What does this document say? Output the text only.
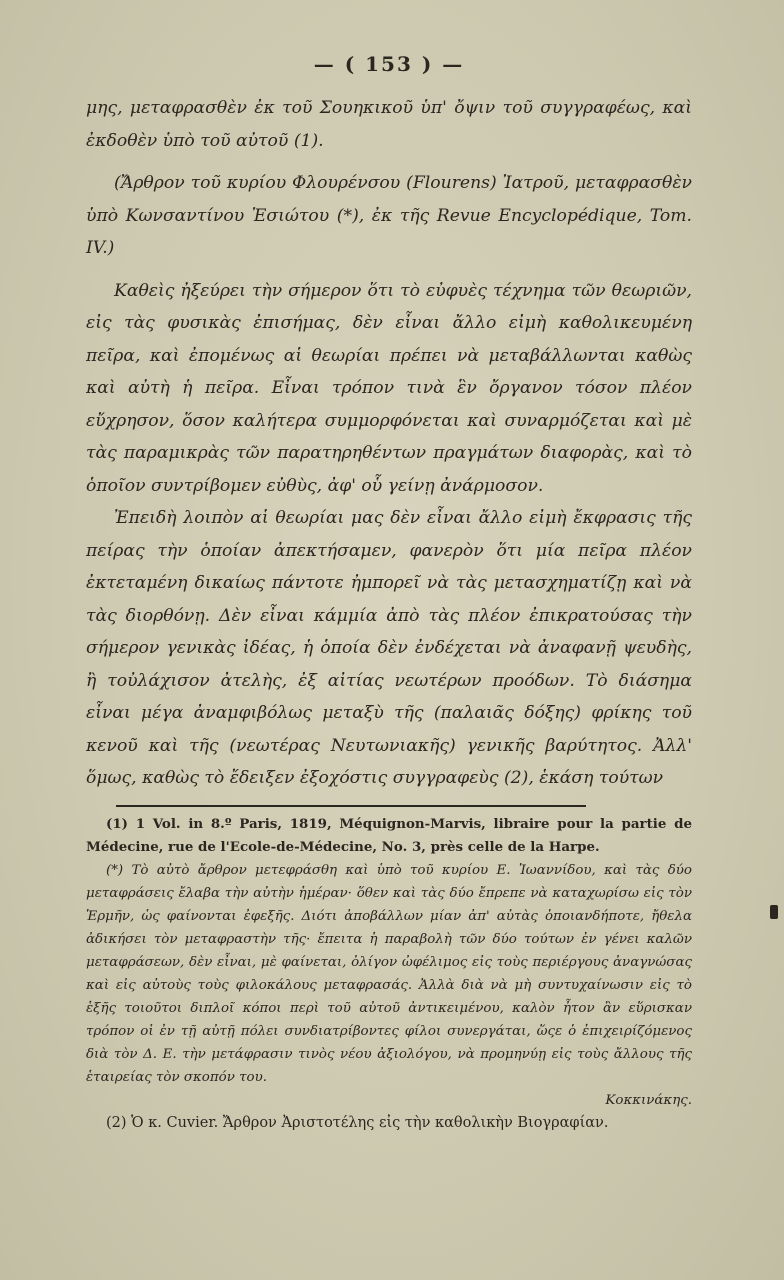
— ( 153 ) —

μης, μεταφρασθὲν ἐκ τοῦ Σουηκικοῦ ὑπ' ὄψιν τοῦ συγγραφέως, καὶ ἐκδοθὲν ὑπὸ τοῦ αὐτοῦ (1).

(Ἄρθρον τοῦ κυρίου Φλουρένσου (Flourens) Ἰατροῦ, μεταφρασθὲν ὑπὸ Κωνσαντίνου Ἐσιώτου (*), ἐκ τῆς Revue Encyclopédique, Tom. IV.)

Καθεὶς ἠξεύρει τὴν σήμερον ὅτι τὸ εὐφυὲς τέχνημα τῶν θεωριῶν, εἰς τὰς φυσικὰς ἐπισήμας, δὲν εἶναι ἄλλο εἰμὴ καθολικευμένη πεῖρα, καὶ ἐπομένως αἱ θεωρίαι πρέπει νὰ μεταβάλλωνται καθὼς καὶ αὐτὴ ἡ πεῖρα. Εἶναι τρόπον τινὰ ἓν ὄργανον τόσον πλέον εὔχρησον, ὅσον καλήτερα συμμορφόνεται καὶ συναρμόζεται καὶ μὲ τὰς παραμικρὰς τῶν παρατηρηθέντων πραγμάτων διαφορὰς, καὶ τὸ ὁποῖον συντρίβομεν εὐθὺς, ἀφ' οὗ γείνῃ ἀνάρμοσον.

Ἐπειδὴ λοιπὸν αἱ θεωρίαι μας δὲν εἶναι ἄλλο εἰμὴ ἔκφρασις τῆς πείρας τὴν ὁποίαν ἀπεκτήσαμεν, φανερὸν ὅτι μία πεῖρα πλέον ἐκτεταμένη δικαίως πάντοτε ἠμπορεῖ νὰ τὰς μετασχηματίζῃ καὶ νὰ τὰς διορθόνῃ. Δὲν εἶναι κάμμία ἀπὸ τὰς πλέον ἐπικρατούσας τὴν σήμερον γενικὰς ἰδέας, ἡ ὁποία δὲν ἐνδέχεται νὰ ἀναφανῇ ψευδὴς, ἢ τοὐλάχισον ἀτελὴς, ἐξ αἰτίας νεωτέρων προόδων. Τὸ διάσημα εἶναι μέγα ἀναμφιβόλως μεταξὺ τῆς (παλαιᾶς δόξης) φρίκης τοῦ κενοῦ καὶ τῆς (νεωτέρας Νευτωνιακῆς) γενικῆς βαρύτητος. Ἀλλ' ὅμως, καθὼς τὸ ἔδειξεν ἐξοχόστις συγγραφεὺς (2), ἑκάση τούτων

(1) 1 Vol. in 8.º Paris, 1819, Méquignon-Marvis, libraire pour la partie de Médecine, rue de l'Ecole-de-Médecine, No. 3, près celle de la Harpe.

(*) Τὸ αὐτὸ ἄρθρον μετεφράσθη καὶ ὑπὸ τοῦ κυρίου Ε. Ἰωαννίδου, καὶ τὰς δύο μεταφράσεις ἔλαβα τὴν αὐτὴν ἡμέραν· ὅθεν καὶ τὰς δύο ἔπρεπε νὰ καταχωρίσω εἰς τὸν Ἑρμῆν, ὡς φαίνονται ἐφεξῆς. Διότι ἀποβάλλων μίαν ἀπ' αὐτὰς ὁποιανδήποτε, ἤθελα ἀδικήσει τὸν μεταφραστὴν τῆς· ἔπειτα ἡ παραβολὴ τῶν δύο τούτων ἐν γένει καλῶν μεταφράσεων, δὲν εἶναι, μὲ φαίνεται, ὀλίγον ὠφέλιμος εἰς τοὺς περιέργους ἀναγνώσας καὶ εἰς αὐτοὺς τοὺς φιλοκάλους μεταφρασάς. Ἀλλὰ διὰ νὰ μὴ συντυχαίνωσιν εἰς τὸ ἑξῆς τοιοῦτοι διπλοῖ κόποι περὶ τοῦ αὐτοῦ ἀντικειμένου, καλὸν ἦτον ἂν εὕρισκαν τρόπον οἱ ἐν τῇ αὐτῇ πόλει συνδιατρίβοντες φίλοι συνεργάται, ὥςε ὁ ἐπιχειρίζόμενος διὰ τὸν Δ. Ε. τὴν μετάφρασιν τινὸς νέου ἀξιολόγου, νὰ προμηνύῃ εἰς τοὺς ἄλλους τῆς ἑταιρείας τὸν σκοπόν του.

Κοκκινάκης.

(2) Ὁ κ. Cuvier. Ἄρθρον Ἀριστοτέλης εἰς τὴν καθολικὴν Βιογραφίαν.
